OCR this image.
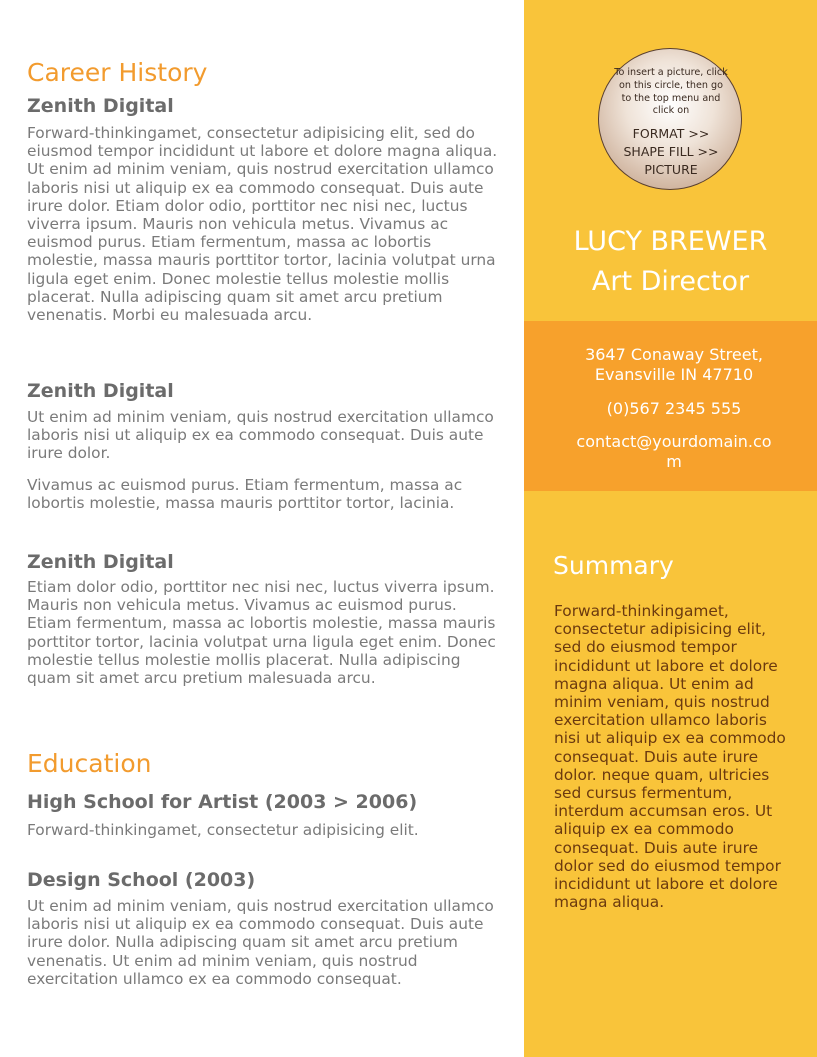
Career History
Zenith Digital

Forward-thinkingamet, consectetur adipisicing elit, sed do eiusmod tempor incididunt ut labore et dolore magna aliqua. Ut enim ad minim veniam, quis nostrud exercitation ullamco laboris nisi ut aliquip ex ea commodo consequat. Duis aute irure dolor. Etiam dolor odio, porttitor nec nisi nec, luctus viverra ipsum. Mauris non vehicula metus. Vivamus ac euismod purus. Etiam fermentum, massa ac lobortis molestie, massa mauris porttitor tortor, lacinia volutpat urna ligula eget enim. Donec molestie tellus molestie mollis placerat. Nulla adipiscing quam sit amet arcu pretium venenatis. Morbi eu malesuada arcu.

Zenith Digital

Ut enim ad minim veniam, quis nostrud exercitation ullamco laboris nisi ut aliquip ex ea commodo consequat. Duis aute irure dolor.

Vivamus ac euismod purus. Etiam fermentum, massa ac lobortis molestie, massa mauris porttitor tortor, lacinia.

Zenith Digital

Etiam dolor odio, porttitor nec nisi nec, luctus viverra ipsum. Mauris non vehicula metus. Vivamus ac euismod purus. Etiam fermentum, massa ac lobortis molestie, massa mauris porttitor tortor, lacinia volutpat urna ligula eget enim. Donec molestie tellus molestie mollis placerat. Nulla adipiscing quam sit amet arcu pretium malesuada arcu.

Education
High School for Artist (2003 > 2006)

Forward-thinkingamet, consectetur adipisicing elit.

Design School (2003)

Ut enim ad minim veniam, quis nostrud exercitation ullamco laboris nisi ut aliquip ex ea commodo consequat. Duis aute irure dolor. Nulla adipiscing quam sit amet arcu pretium venenatis. Ut enim ad minim veniam, quis nostrud exercitation ullamco ex ea commodo consequat.

To insert a picture, click on this circle, then go to the top menu and click on
FORMAT >>
SHAPE FILL >>
PICTURE
LUCY BREWER
Art Director
3647 Conaway Street,
Evansville IN 47710
(0)567 2345 555
contact@yourdomain.co
m
Summary

Forward-thinkingamet, consectetur adipisicing elit, sed do eiusmod tempor incididunt ut labore et dolore magna aliqua. Ut enim ad minim veniam, quis nostrud exercitation ullamco laboris nisi ut aliquip ex ea commodo consequat. Duis aute irure dolor. neque quam, ultricies sed cursus fermentum, interdum accumsan eros. Ut aliquip ex ea commodo consequat. Duis aute irure dolor sed do eiusmod tempor incididunt ut labore et dolore magna aliqua.
